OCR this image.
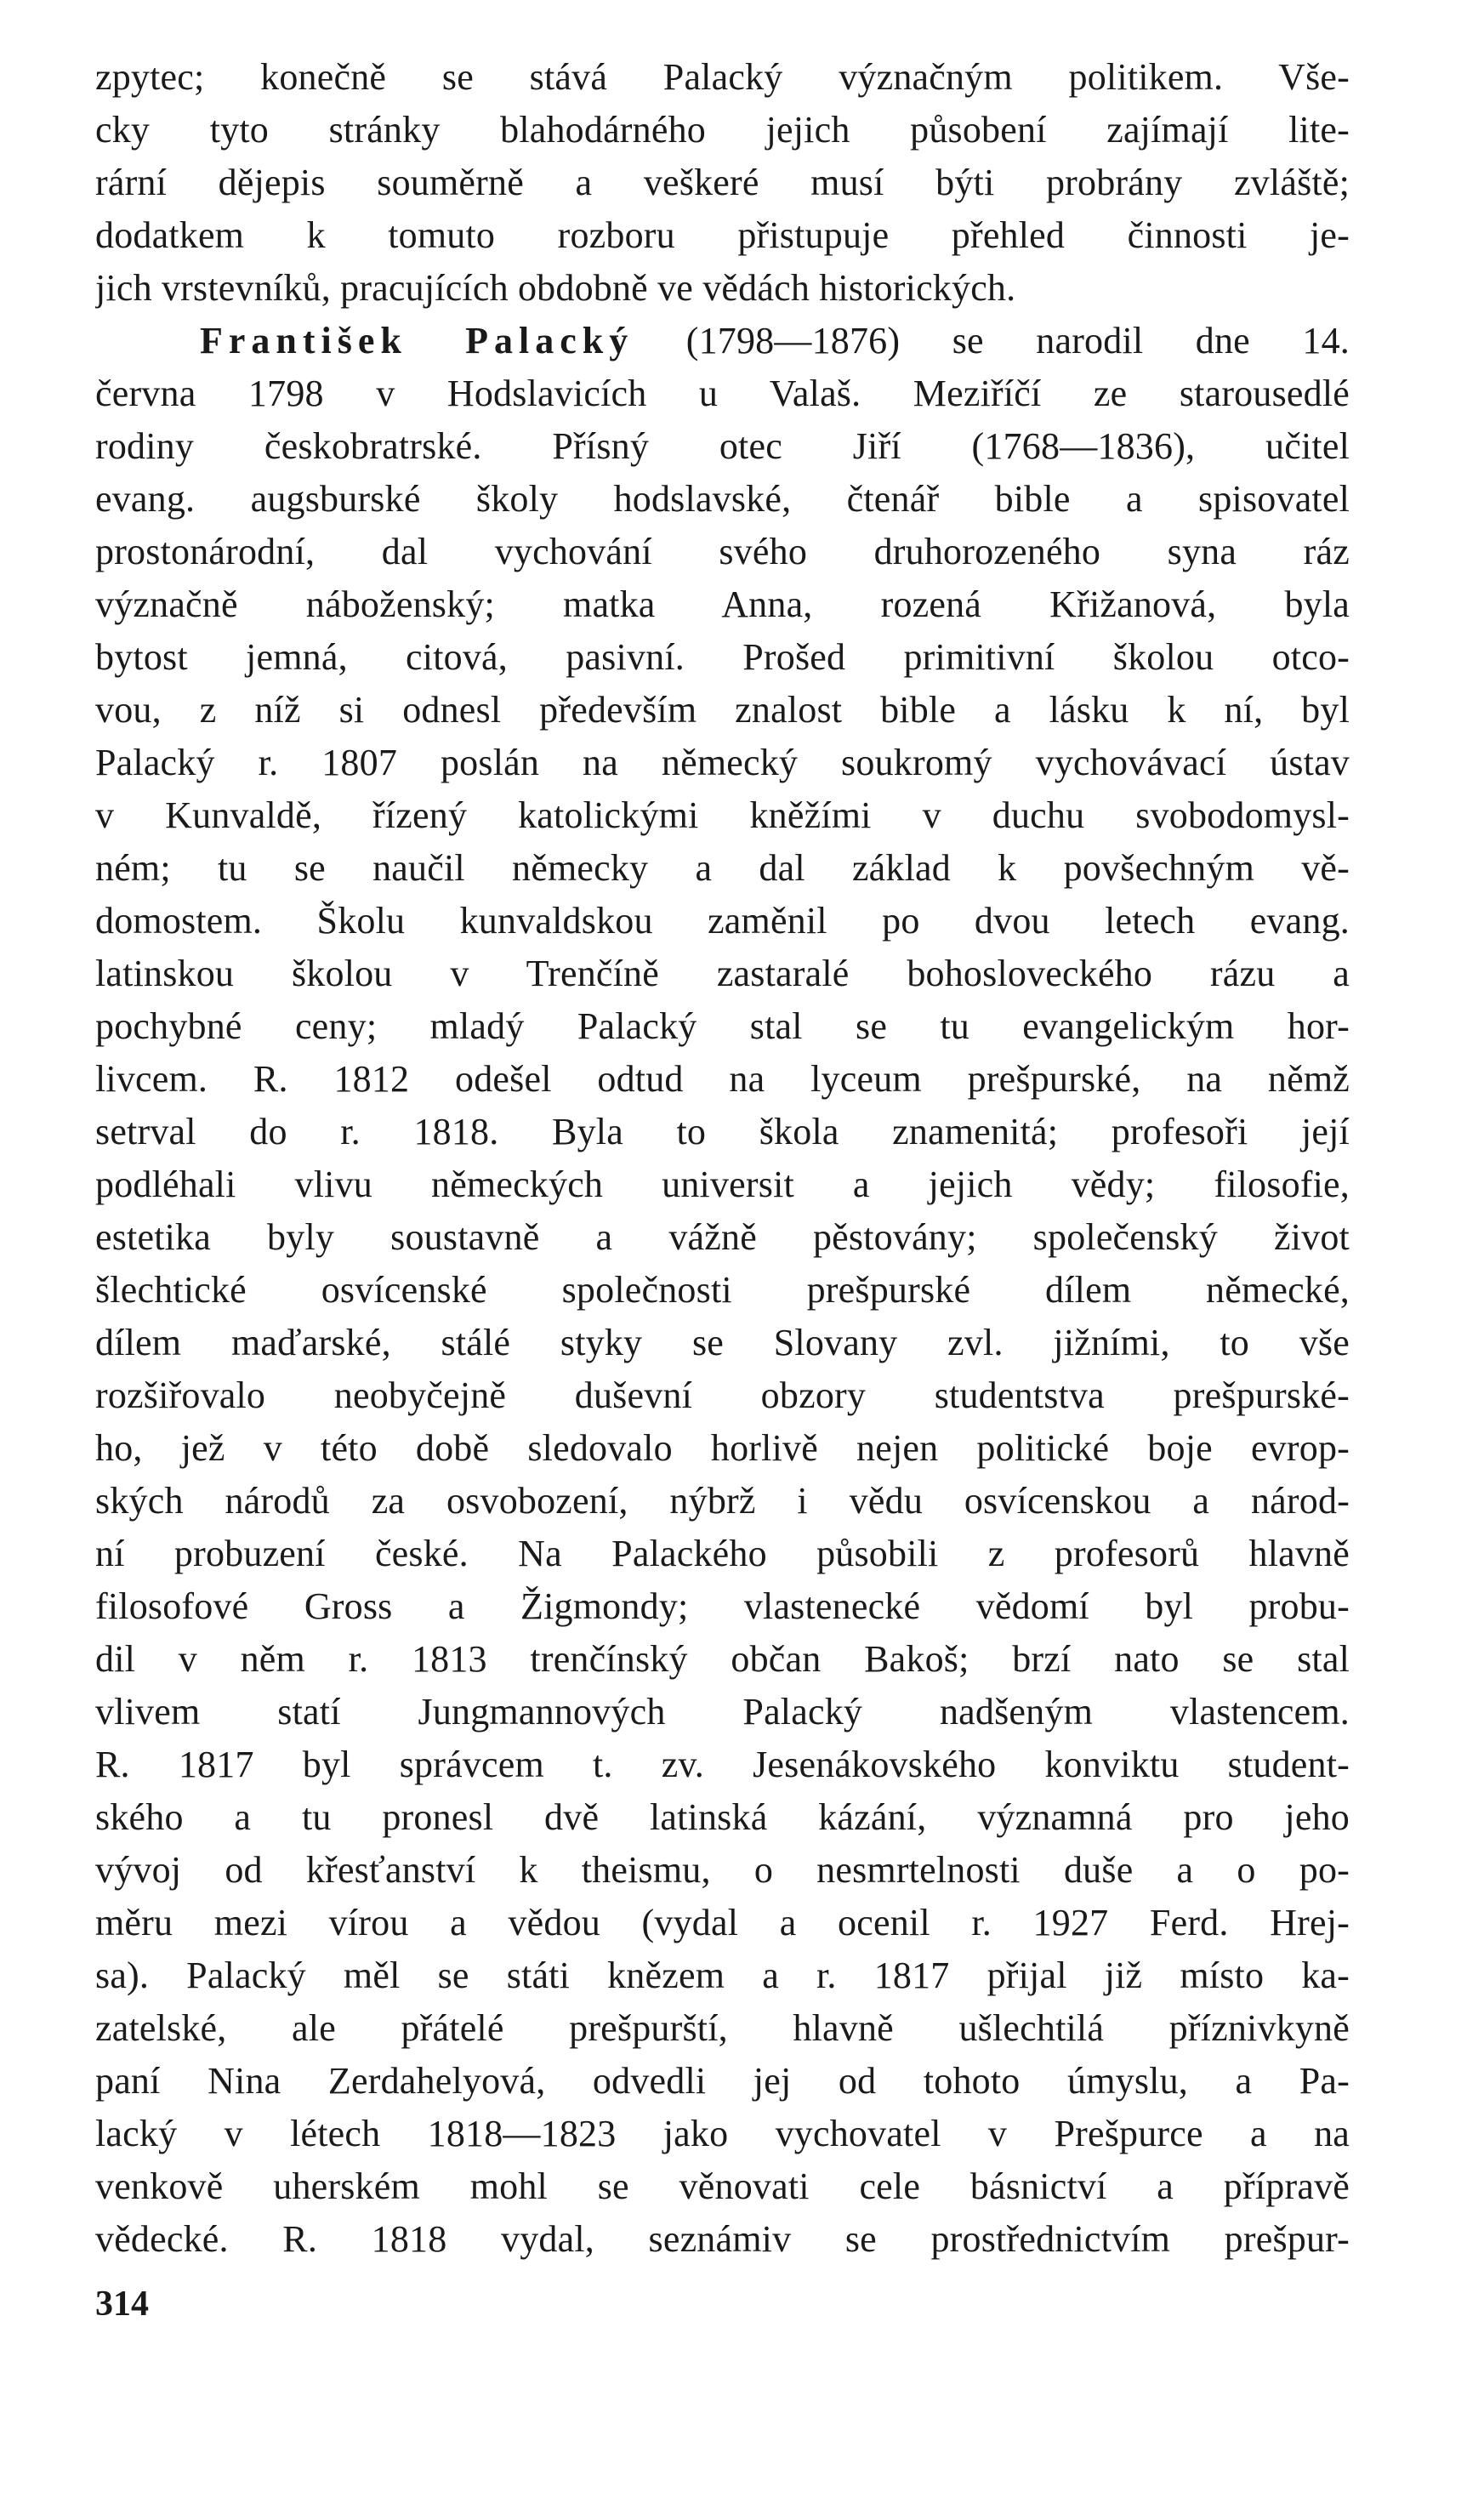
zpytec; konečně se stává Palacký význačným politikem. Vše-
cky tyto stránky blahodárného jejich působení zajímají lite-
rární dějepis souměrně a veškeré musí býti probrány zvláště;
dodatkem k tomuto rozboru přistupuje přehled činnosti je-
jich vrstevníků, pracujících obdobně ve vědách historických.
František Palacký (1798—1876) se narodil dne 14.
června 1798 v Hodslavicích u Valaš. Meziříčí ze starousedlé
rodiny českobratrské. Přísný otec Jiří (1768—1836), učitel
evang. augsburské školy hodslavské, čtenář bible a spisovatel
prostonárodní, dal vychování svého druhorozeného syna ráz
význačně náboženský; matka Anna, rozená Křižanová, byla
bytost jemná, citová, pasivní. Prošed primitivní školou otco-
vou, z níž si odnesl především znalost bible a lásku k ní, byl
Palacký r. 1807 poslán na německý soukromý vychovávací ústav
v Kunvaldě, řízený katolickými kněžími v duchu svobodomysl-
ném; tu se naučil německy a dal základ k povšechným vě-
domostem. Školu kunvaldskou zaměnil po dvou letech evang.
latinskou školou v Trenčíně zastaralé bohosloveckého rázu a
pochybné ceny; mladý Palacký stal se tu evangelickým hor-
livcem. R. 1812 odešel odtud na lyceum prešpurské, na němž
setrval do r. 1818. Byla to škola znamenitá; profesoři její
podléhali vlivu německých universit a jejich vědy; filosofie,
estetika byly soustavně a vážně pěstovány; společenský život
šlechtické osvícenské společnosti prešpurské dílem německé,
dílem maďarské, stálé styky se Slovany zvl. jižními, to vše
rozšiřovalo neobyčejně duševní obzory studentstva prešpurské-
ho, jež v této době sledovalo horlivě nejen politické boje evrop-
ských národů za osvobození, nýbrž i vědu osvícenskou a národ-
ní probuzení české. Na Palackého působili z profesorů hlavně
filosofové Gross a Žigmondy; vlastenecké vědomí byl probu-
dil v něm r. 1813 trenčínský občan Bakoš; brzí nato se stal
vlivem statí Jungmannových Palacký nadšeným vlastencem.
R. 1817 byl správcem t. zv. Jesenákovského konviktu student-
ského a tu pronesl dvě latinská kázání, významná pro jeho
vývoj od křesťanství k theismu, o nesmrtelnosti duše a o po-
měru mezi vírou a vědou (vydal a ocenil r. 1927 Ferd. Hrej-
sa). Palacký měl se státi knězem a r. 1817 přijal již místo ka-
zatelské, ale přátelé prešpurští, hlavně ušlechtilá příznivkyně
paní Nina Zerdahelyová, odvedli jej od tohoto úmyslu, a Pa-
lacký v létech 1818—1823 jako vychovatel v Prešpurce a na
venkově uherském mohl se věnovati cele básnictví a přípravě
vědecké. R. 1818 vydal, seznámiv se prostřednictvím prešpur-
314
